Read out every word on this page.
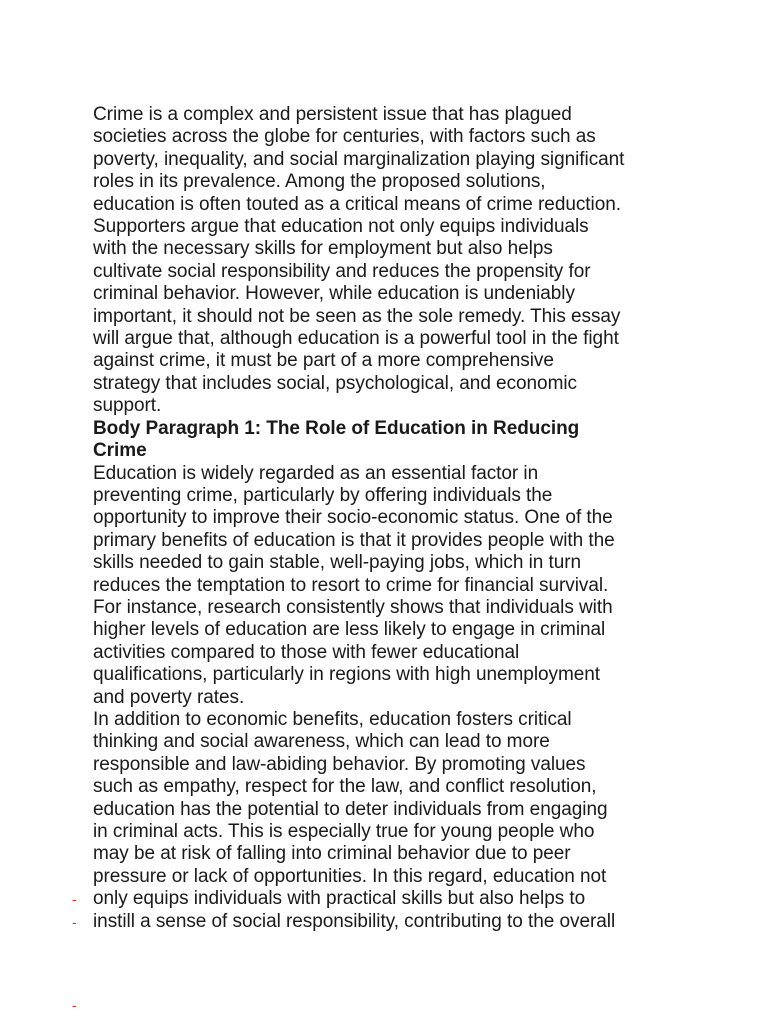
Crime is a complex and persistent issue that has plagued
societies across the globe for centuries, with factors such as
poverty, inequality, and social marginalization playing significant
roles in its prevalence. Among the proposed solutions,
education is often touted as a critical means of crime reduction.
Supporters argue that education not only equips individuals
with the necessary skills for employment but also helps
cultivate social responsibility and reduces the propensity for
criminal behavior. However, while education is undeniably
important, it should not be seen as the sole remedy. This essay
will argue that, although education is a powerful tool in the fight
against crime, it must be part of a more comprehensive
strategy that includes social, psychological, and economic
support.
Body Paragraph 1: The Role of Education in Reducing
Crime
Education is widely regarded as an essential factor in
preventing crime, particularly by offering individuals the
opportunity to improve their socio-economic status. One of the
primary benefits of education is that it provides people with the
skills needed to gain stable, well-paying jobs, which in turn
reduces the temptation to resort to crime for financial survival.
For instance, research consistently shows that individuals with
higher levels of education are less likely to engage in criminal
activities compared to those with fewer educational
qualifications, particularly in regions with high unemployment
and poverty rates.
In addition to economic benefits, education fosters critical
thinking and social awareness, which can lead to more
responsible and law-abiding behavior. By promoting values
such as empathy, respect for the law, and conflict resolution,
education has the potential to deter individuals from engaging
in criminal acts. This is especially true for young people who
may be at risk of falling into criminal behavior due to peer
pressure or lack of opportunities. In this regard, education not
only equips individuals with practical skills but also helps to
instill a sense of social responsibility, contributing to the overall
-
-
-
